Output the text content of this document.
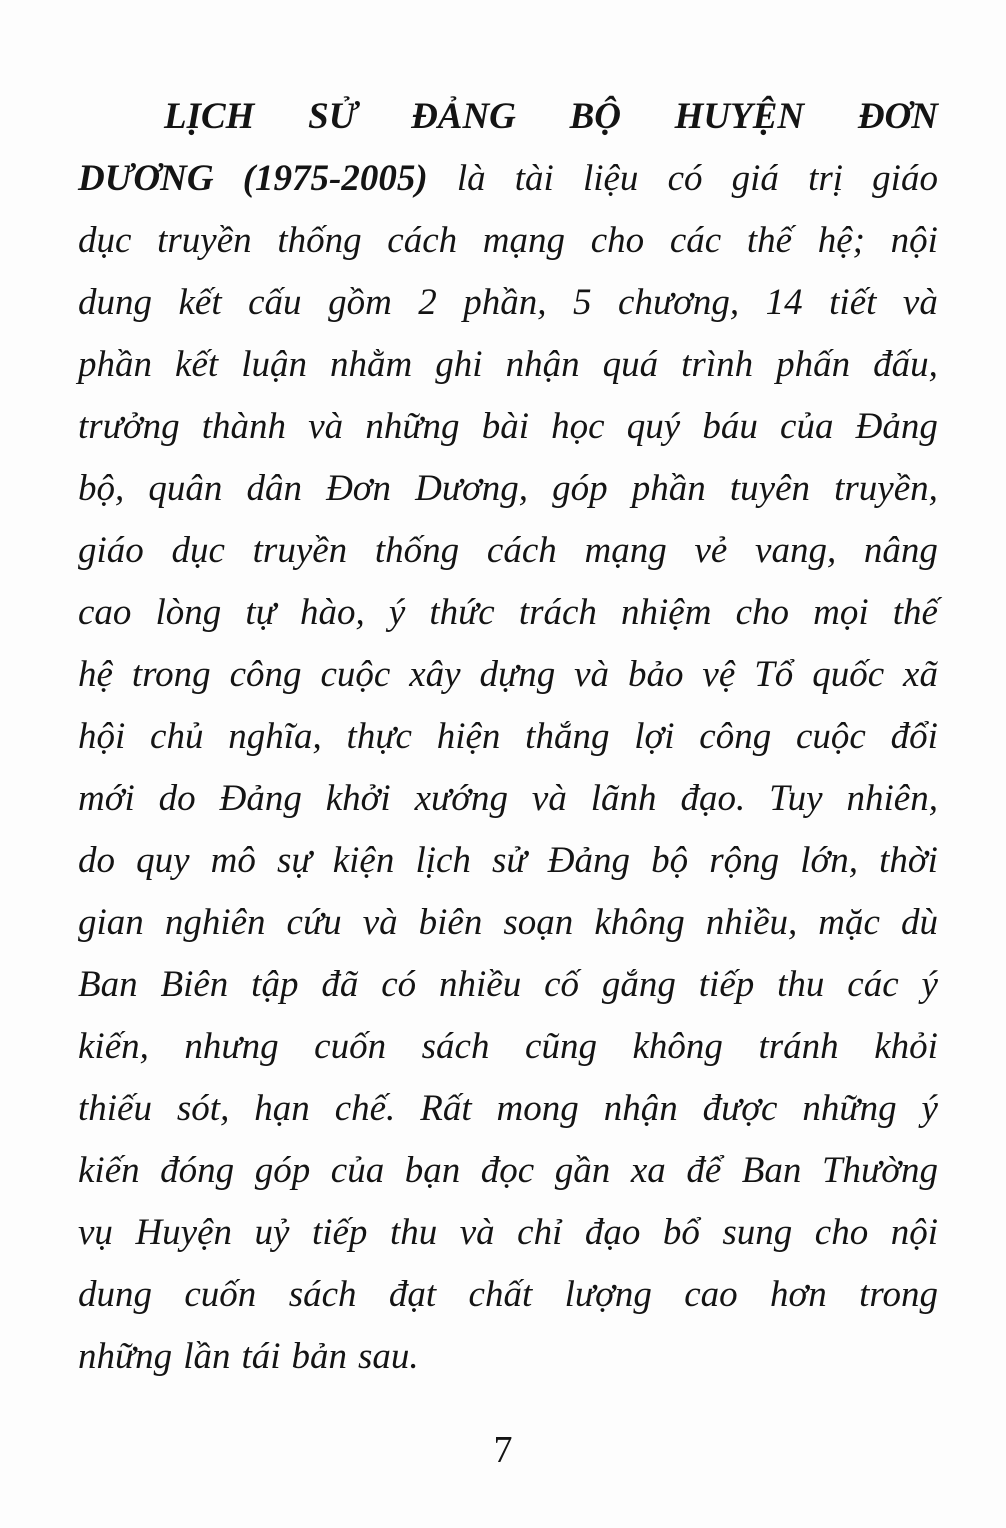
LỊCH SỬ ĐẢNG BỘ HUYỆN ĐƠN
DƯƠNG (1975-2005) là tài liệu có giá trị giáo
dục truyền thống cách mạng cho các thế hệ; nội
dung kết cấu gồm 2 phần, 5 chương, 14 tiết và
phần kết luận nhằm ghi nhận quá trình phấn đấu,
trưởng thành và những bài học quý báu của Đảng
bộ, quân dân Đơn Dương, góp phần tuyên truyền,
giáo dục truyền thống cách mạng vẻ vang, nâng
cao lòng tự hào, ý thức trách nhiệm cho mọi thế
hệ trong công cuộc xây dựng và bảo vệ Tổ quốc xã
hội chủ nghĩa, thực hiện thắng lợi công cuộc đổi
mới do Đảng khởi xướng và lãnh đạo. Tuy nhiên,
do quy mô sự kiện lịch sử Đảng bộ rộng lớn, thời
gian nghiên cứu và biên soạn không nhiều, mặc dù
Ban Biên tập đã có nhiều cố gắng tiếp thu các ý
kiến, nhưng cuốn sách cũng không tránh khỏi
thiếu sót, hạn chế. Rất mong nhận được những ý
kiến đóng góp của bạn đọc gần xa để Ban Thường
vụ Huyện uỷ tiếp thu và chỉ đạo bổ sung cho nội
dung cuốn sách đạt chất lượng cao hơn trong
những lần tái bản sau.
7
